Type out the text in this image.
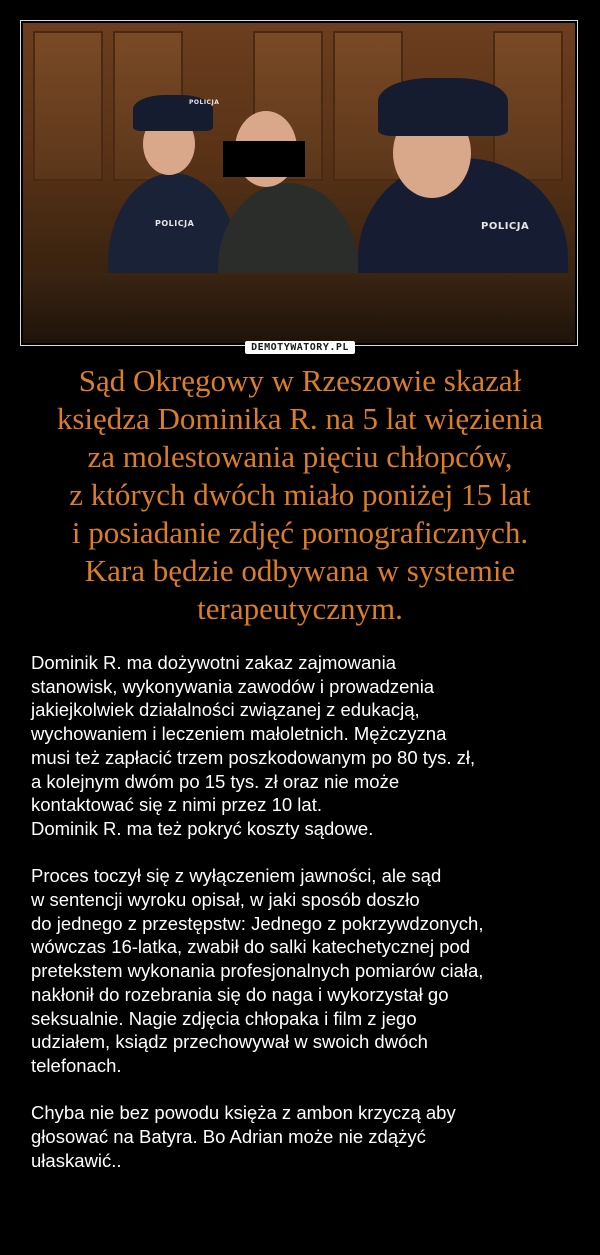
POLICJA	POLICJA
POLICJA
DEMOTYWATORY.PL
Sąd Okręgowy w Rzeszowie skazał
księdza Dominika R. na 5 lat więzienia
za molestowania pięciu chłopców,
z których dwóch miało poniżej 15 lat
i posiadanie zdjęć pornograficznych.
Kara będzie odbywana w systemie
terapeutycznym.
Dominik R. ma dożywotni zakaz zajmowania
stanowisk, wykonywania zawodów i prowadzenia
jakiejkolwiek działalności związanej z edukacją,
wychowaniem i leczeniem małoletnich. Mężczyzna
musi też zapłacić trzem poszkodowanym po 80 tys. zł,
a kolejnym dwóm po 15 tys. zł oraz nie może
kontaktować się z nimi przez 10 lat.
Dominik R. ma też pokryć koszty sądowe.
Proces toczył się z wyłączeniem jawności, ale sąd
w sentencji wyroku opisał, w jaki sposób doszło
do jednego z przestępstw: Jednego z pokrzywdzonych,
wówczas 16-latka, zwabił do salki katechetycznej pod
pretekstem wykonania profesjonalnych pomiarów ciała,
nakłonił do rozebrania się do naga i wykorzystał go
seksualnie. Nagie zdjęcia chłopaka i film z jego
udziałem, ksiądz przechowywał w swoich dwóch
telefonach.
Chyba nie bez powodu księża z ambon krzyczą aby
głosować na Batyra. Bo Adrian może nie zdążyć
ułaskawić..
